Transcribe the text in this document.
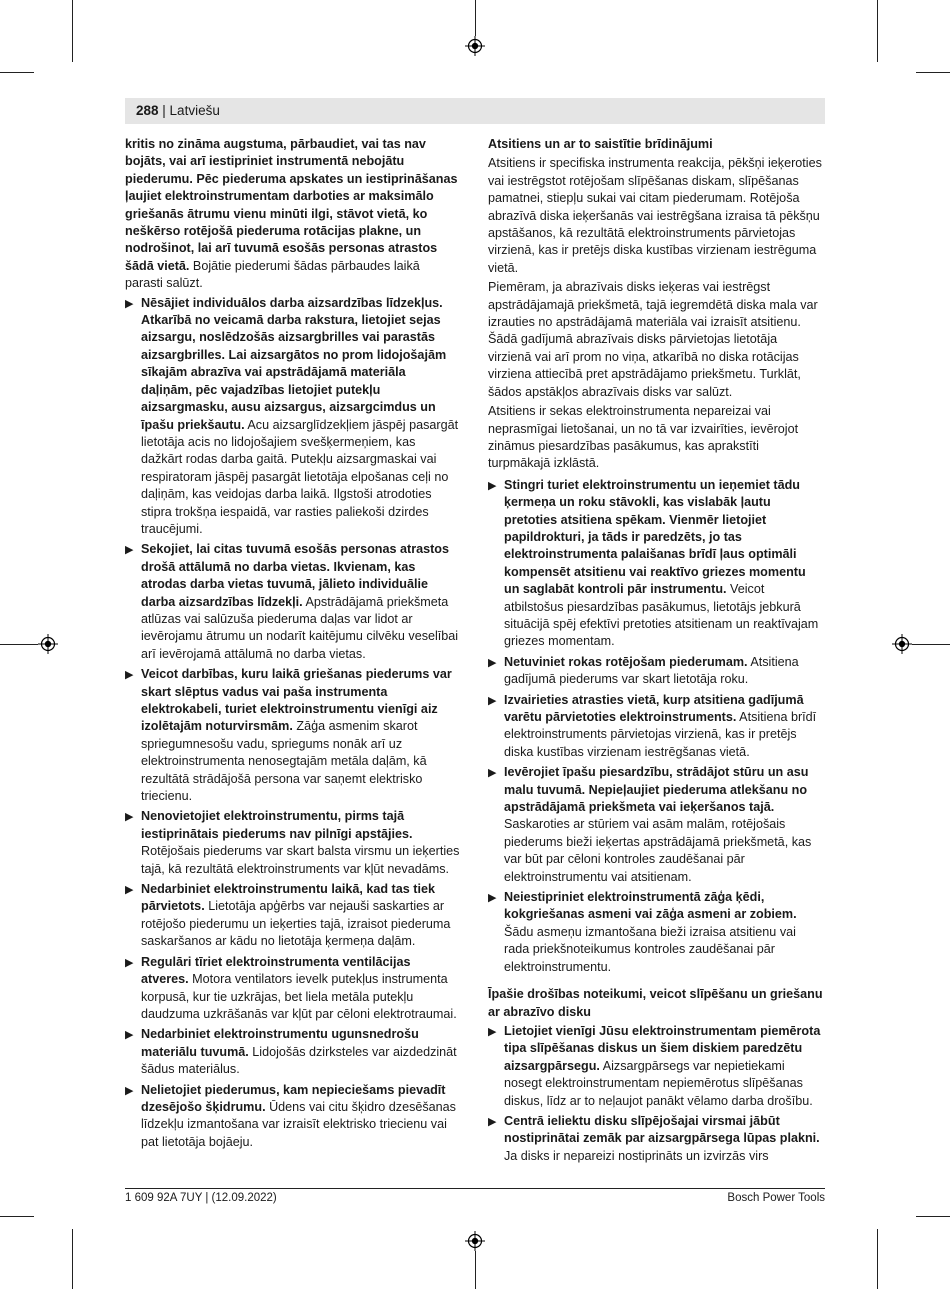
288 | Latviešu

kritis no zināma augstuma, pārbaudiet, vai tas nav bojāts, vai arī iestipriniet instrumentā nebojātu piederumu. Pēc piederuma apskates un iestiprināšanas ļaujiet elektroinstrumentam darboties ar maksimālo griešanās ātrumu vienu minūti ilgi, stāvot vietā, ko neškērso rotējošā piederuma rotācijas plakne, un nodrošinot, lai arī tuvumā esošās personas atrastos šādā vietā. Bojātie piederumi šādas pārbaudes laikā parasti salūzt.

▶ Nēsājiet individuālos darba aizsardzības līdzekļus. Atkarībā no veicamā darba rakstura, lietojiet sejas aizsargu, noslēdzošās aizsargbrilles vai parastās aizsargbrilles. Lai aizsargātos no prom lidojošajām sīkajām abrazīva vai apstrādājamā materiāla daļiņām, pēc vajadzības lietojiet putekļu aizsargmasku, ausu aizsargus, aizsargcimdus un īpašu priekšautu. Acu aizsarglīdzekļiem jāspēj pasargāt lietotāja acis no lidojošajiem svešķermeņiem, kas dažkārt rodas darba gaitā. Putekļu aizsargmaskai vai respiratoram jāspēj pasargāt lietotāja elpošanas ceļi no daļiņām, kas veidojas darba laikā. Ilgstoši atrodoties stipra trokšņa iespaidā, var rasties paliekoši dzirdes traucējumi.
▶ Sekojiet, lai citas tuvumā esošās personas atrastos drošā attālumā no darba vietas. Ikvienam, kas atrodas darba vietas tuvumā, jālieto individuālie darba aizsardzības līdzekļi. Apstrādājamā priekšmeta atlūzas vai salūzuša piederuma daļas var lidot ar ievērojamu ātrumu un nodarīt kaitējumu cilvēku veselībai arī ievērojamā attālumā no darba vietas.
▶ Veicot darbības, kuru laikā griešanas piederums var skart slēptus vadus vai paša instrumenta elektrokabeli, turiet elektroinstrumentu vienīgi aiz izolētajām noturvirsmām. Zāģa asmenim skarot spriegumnesošu vadu, spriegums nonāk arī uz elektroinstrumenta nenosegtajām metāla daļām, kā rezultātā strādājošā persona var saņemt elektrisko triecienu.
▶ Nenovietojiet elektroinstrumentu, pirms tajā iestiprinātais piederums nav pilnīgi apstājies. Rotējošais piederums var skart balsta virsmu un ieķerties tajā, kā rezultātā elektroinstruments var kļūt nevadāms.
▶ Nedarbiniet elektroinstrumentu laikā, kad tas tiek pārvietots. Lietotāja apģērbs var nejauši saskarties ar rotējošo piederumu un ieķerties tajā, izraisot piederuma saskaršanos ar kādu no lietotāja ķermeņa daļām.
▶ Regulāri tīriet elektroinstrumenta ventilācijas atveres. Motora ventilators ievelk putekļus instrumenta korpusā, kur tie uzkrājas, bet liela metāla putekļu daudzuma uzkrāšanās var kļūt par cēloni elektrotraumai.
▶ Nedarbiniet elektroinstrumentu ugunsnedrošu materiālu tuvumā. Lidojošās dzirksteles var aizdedzināt šādus materiālus.
▶ Nelietojiet piederumus, kam nepieciešams pievadīt dzesējošo šķidrumu. Ūdens vai citu šķidro dzesēšanas līdzekļu izmantošana var izraisīt elektrisko triecienu vai pat lietotāja bojāeju.

Atsitiens un ar to saistītie brīdinājumi

Atsitiens ir specifiska instrumenta reakcija, pēkšņi ieķeroties vai iestrēgstot rotējošam slīpēšanas diskam, slīpēšanas pamatnei, stiepļu sukai vai citam piederumam. Rotējoša abrazīvā diska ieķeršanās vai iestrēgšana izraisa tā pēkšņu apstāšanos, kā rezultātā elektroinstruments pārvietojas virzienā, kas ir pretējs diska kustības virzienam iestrēguma vietā.

Piemēram, ja abrazīvais disks ieķeras vai iestrēgst apstrādājamajā priekšmetā, tajā iegremdētā diska mala var izrauties no apstrādājamā materiāla vai izraisīt atsitienu. Šādā gadījumā abrazīvais disks pārvietojas lietotāja virzienā vai arī prom no viņa, atkarībā no diska rotācijas virziena attiecībā pret apstrādājamo priekšmetu. Turklāt, šādos apstākļos abrazīvais disks var salūzt.

Atsitiens ir sekas elektroinstrumenta nepareizai vai neprasmīgai lietošanai, un no tā var izvairīties, ievērojot zināmus piesardzības pasākumus, kas aprakstīti turpmākajā izklāstā.

▶ Stingri turiet elektroinstrumentu un ieņemiet tādu ķermeņa un roku stāvokli, kas vislabāk ļautu pretoties atsitiena spēkam. Vienmēr lietojiet papildrokturi, ja tāds ir paredzēts, jo tas elektroinstrumenta palaišanas brīdī ļaus optimāli kompensēt atsitienu vai reaktīvo griezes momentu un saglabāt kontroli pār instrumentu. Veicot atbilstošus piesardzības pasākumus, lietotājs jebkurā situācijā spēj efektīvi pretoties atsitienam un reaktīvajam griezes momentam.
▶ Netuviniet rokas rotējošam piederumam. Atsitiena gadījumā piederums var skart lietotāja roku.
▶ Izvairieties atrasties vietā, kurp atsitiena gadījumā varētu pārvietoties elektroinstruments. Atsitiena brīdī elektroinstruments pārvietojas virzienā, kas ir pretējs diska kustības virzienam iestrēgšanas vietā.
▶ Ievērojiet īpašu piesardzību, strādājot stūru un asu malu tuvumā. Nepieļaujiet piederuma atlekšanu no apstrādājamā priekšmeta vai ieķeršanos tajā. Saskaroties ar stūriem vai asām malām, rotējošais piederums bieži ieķertas apstrādājamā priekšmetā, kas var būt par cēloni kontroles zaudēšanai pār elektroinstrumentu vai atsitienam.
▶ Neiestipriniet elektroinstrumentā zāģa ķēdi, kokgriešanas asmeni vai zāģa asmeni ar zobiem. Šādu asmeņu izmantošana bieži izraisa atsitienu vai rada priekšnoteikumus kontroles zaudēšanai pār elektroinstrumentu.

Īpašie drošības noteikumi, veicot slīpēšanu un griešanu ar abrazīvo disku

▶ Lietojiet vienīgi Jūsu elektroinstrumentam piemērota tipa slīpēšanas diskus un šiem diskiem paredzētu aizsargpārsegu. Aizsargpārsegs var nepietiekami nosegt elektroinstrumentam nepiemērotus slīpēšanas diskus, līdz ar to neļaujot panākt vēlamo darba drošību.
▶ Centrā ieliektu disku slīpējošajai virsmai jābūt nostiprinātai zemāk par aizsargpārsega lūpas plakni. Ja disks ir nepareizi nostiprināts un izvirzās virs
1 609 92A 7UY | (12.09.2022)	Bosch Power Tools
